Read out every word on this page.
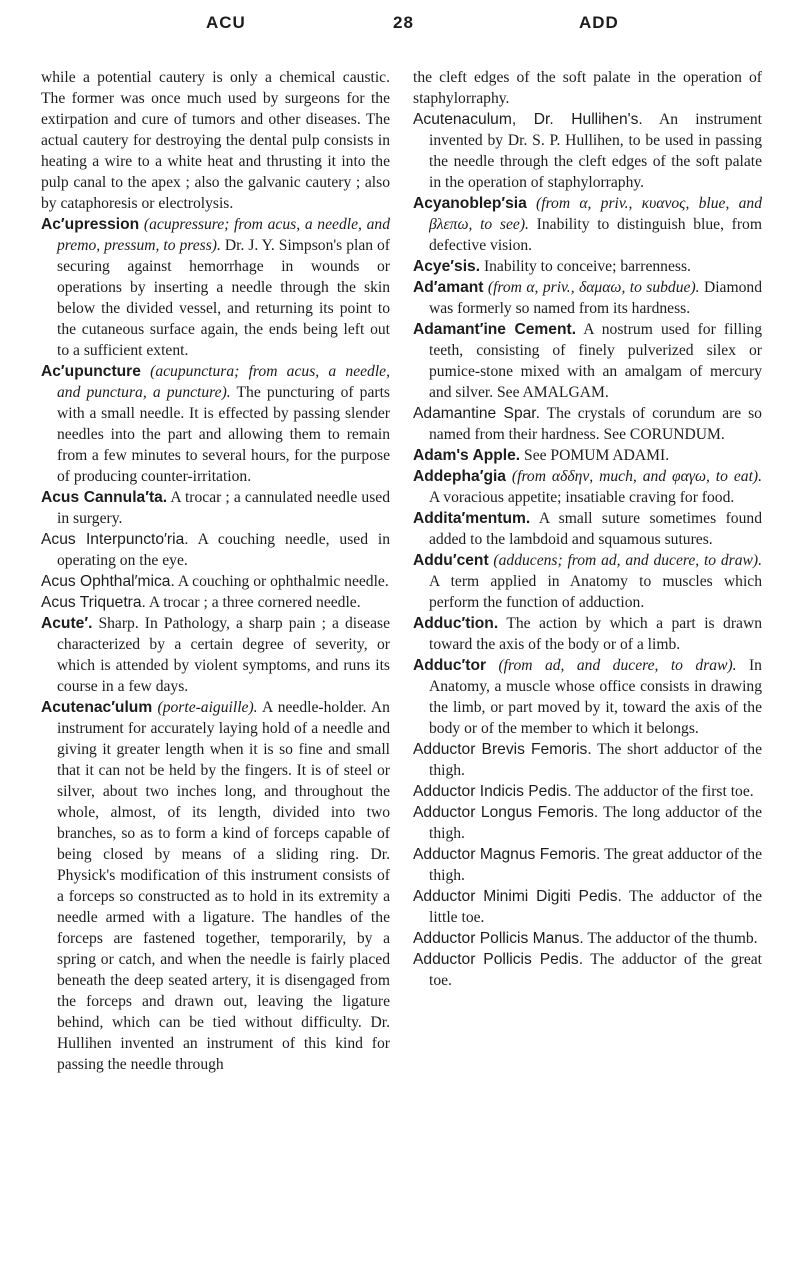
ACU	28	ADD

while a potential cautery is only a chemical caustic. The former was once much used by surgeons for the extirpation and cure of tumors and other diseases. The actual cautery for destroying the dental pulp consists in heating a wire to a white heat and thrusting it into the pulp canal to the apex ; also the galvanic cautery ; also by cataphoresis or electrolysis.

Ac′upression (acupressure; from acus, a needle, and premo, pressum, to press). Dr. J. Y. Simpson's plan of securing against hemorrhage in wounds or operations by inserting a needle through the skin below the divided vessel, and returning its point to the cutaneous surface again, the ends being left out to a sufficient extent.

Ac′upuncture (acupunctura; from acus, a needle, and punctura, a puncture). The puncturing of parts with a small needle. It is effected by passing slender needles into the part and allowing them to remain from a few minutes to several hours, for the purpose of producing counter-irritation.

Acus Cannula′ta. A trocar ; a cannulated needle used in surgery.

Acus Interpuncto′ria. A couching needle, used in operating on the eye.

Acus Ophthal′mica. A couching or ophthalmic needle.

Acus Triquetra. A trocar ; a three cornered needle.

Acute′. Sharp. In Pathology, a sharp pain ; a disease characterized by a certain degree of severity, or which is attended by violent symptoms, and runs its course in a few days.

Acutenac′ulum (porte-aiguille). A needle-holder. An instrument for accurately laying hold of a needle and giving it greater length when it is so fine and small that it can not be held by the fingers. It is of steel or silver, about two inches long, and throughout the whole, almost, of its length, divided into two branches, so as to form a kind of forceps capable of being closed by means of a sliding ring. Dr. Physick's modification of this instrument consists of a forceps so constructed as to hold in its extremity a needle armed with a ligature. The handles of the forceps are fastened together, temporarily, by a spring or catch, and when the needle is fairly placed beneath the deep seated artery, it is disengaged from the forceps and drawn out, leaving the ligature behind, which can be tied without difficulty. Dr. Hullihen invented an instrument of this kind for passing the needle through

the cleft edges of the soft palate in the operation of staphylorraphy.

Acutenaculum, Dr. Hullihen's. An instrument invented by Dr. S. P. Hullihen, to be used in passing the needle through the cleft edges of the soft palate in the operation of staphylorraphy.

Acyanoblep′sia (from α, priv., κυανος, blue, and βλεπω, to see). Inability to distinguish blue, from defective vision.

Acye′sis. Inability to conceive; barrenness.

Ad′amant (from α, priv., δαμαω, to subdue). Diamond was formerly so named from its hardness.

Adamant′ine Cement. A nostrum used for filling teeth, consisting of finely pulverized silex or pumice-stone mixed with an amalgam of mercury and silver. See AMALGAM.

Adamantine Spar. The crystals of corundum are so named from their hardness. See CORUNDUM.

Adam's Apple. See POMUM ADAMI.

Addepha′gia (from αδδην, much, and φαγω, to eat). A voracious appetite; insatiable craving for food.

Addita′mentum. A small suture sometimes found added to the lambdoid and squamous sutures.

Addu′cent (adducens; from ad, and ducere, to draw). A term applied in Anatomy to muscles which perform the function of adduction.

Adduc′tion. The action by which a part is drawn toward the axis of the body or of a limb.

Adduc′tor (from ad, and ducere, to draw). In Anatomy, a muscle whose office consists in drawing the limb, or part moved by it, toward the axis of the body or of the member to which it belongs.

Adductor Brevis Femoris. The short adductor of the thigh.

Adductor Indicis Pedis. The adductor of the first toe.

Adductor Longus Femoris. The long adductor of the thigh.

Adductor Magnus Femoris. The great adductor of the thigh.

Adductor Minimi Digiti Pedis. The adductor of the little toe.

Adductor Pollicis Manus. The adductor of the thumb.

Adductor Pollicis Pedis. The adductor of the great toe.
